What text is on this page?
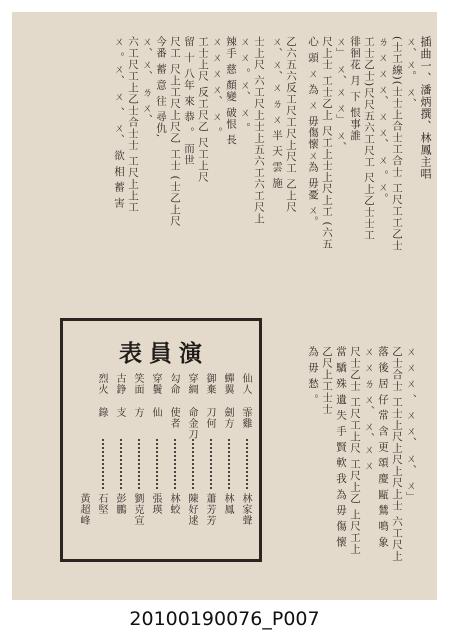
插曲一、潘炳撰、林鳳主唱
ㄨ、ㄨ。 ㄨ、
(士工線)(士士上合士工合士 工尺工工乙士
ㄌ ㄨ ㄨ ㄨ、 ㄨ ㄨ、 ㄨ 。ㄨ。
工士乙士)尺尺五六工尺工 尺上乙士士工
徘徊花 月 下 恨事誰
ㄨ」 ㄨ、ㄨ ㄨ」 ㄨ、
尺上士 工士乙上 尺工上士上尺上工 (六五
心 頭 ㄨ 為 ㄨ 毋傷懷ㄨ為 毋憂 ㄨ。
乙六五六反工尺工尺上尺工 乙上尺
ㄨ、ㄨ、ㄨ ㄌ ㄨ 半 天 雲 施
士上尺 六工尺上士上五六工六工尺上
ㄨ ㄨ 。ㄨ、 ㄨ 。
辣手 慈 顏變 破恨 長
ㄨ ㄨ ㄨ ㄨ、 ㄨ 。
工士上尺 反工尺乙 尺工上尺
留 十 八年 來 恭 。 而世
尺工 尺上工尺上尺乙 工士 (士乙上尺
今番 蓄 意 往 尋仇,
ㄨ、ㄨ、 ㄌ ㄨ、
六工尺工上乙士合士士 工尺上上工
ㄨ 。ㄨ、 ㄨ 、 ㄨ、 欲 相 蓄 害
ㄨ ㄨ ㄨ 、 ㄨ ㄨ、 ㄨ、 ㄨ」
乙士合士 工士上尺上尺上尺上士 六工尺上
落 後 居 仔 常 含 更 頌 慶 甌 鷥 鳴 象
ㄨ ㄨ ㄌ ㄨ、 ㄨ、ㄨ ㄨ
尺士乙士 工尺工上尺 工尺上乙 上尺工上
當 驕 殊 遺 失 手 賢 軟 我 為 毋 傷 懷
乙尺上工士士
為 毋 愁 。
表員演
仙人
蟬翼
御棄
穿綢
勾命
穿鬢
笑面
古錚
烈火
霏雞
劍方
刀何
命金刀
使者
仙
方
支
錄
林家聲
林鳳
蕭芳芳
陳好逑
林蛟
張瑛
劉克宣
彭鵬
石堅
黃超峰
20100190076_P007
